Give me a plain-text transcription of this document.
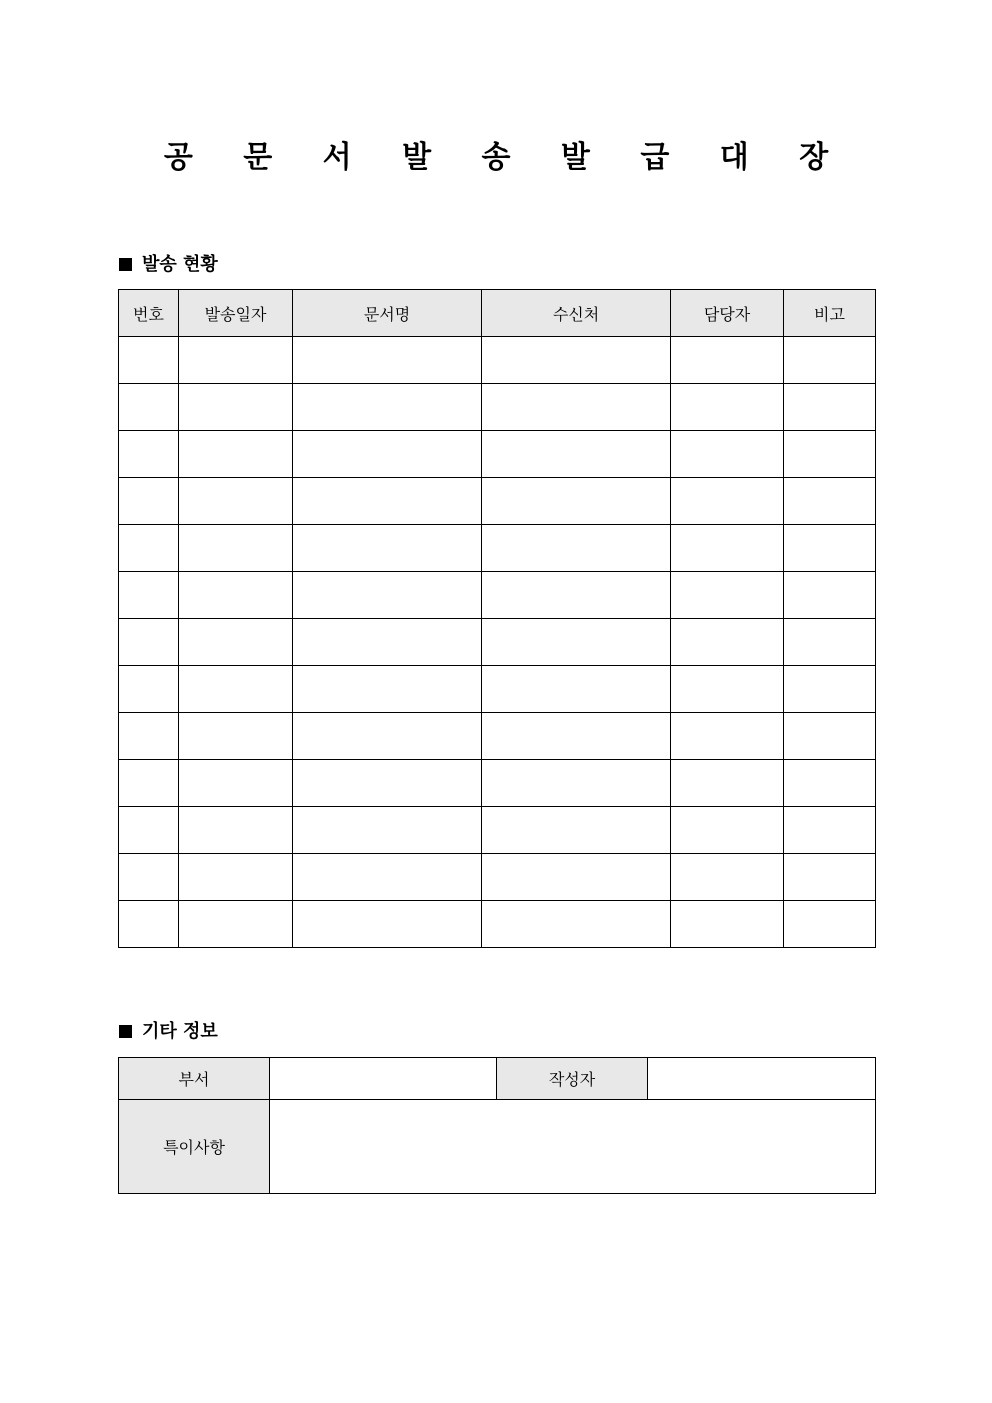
공 문 서 발 송 발 급 대 장
발송 현황
번호	발송일자	문서명	수신처	담당자	비고

기타 정보
부서		작성자	
특이사항			
